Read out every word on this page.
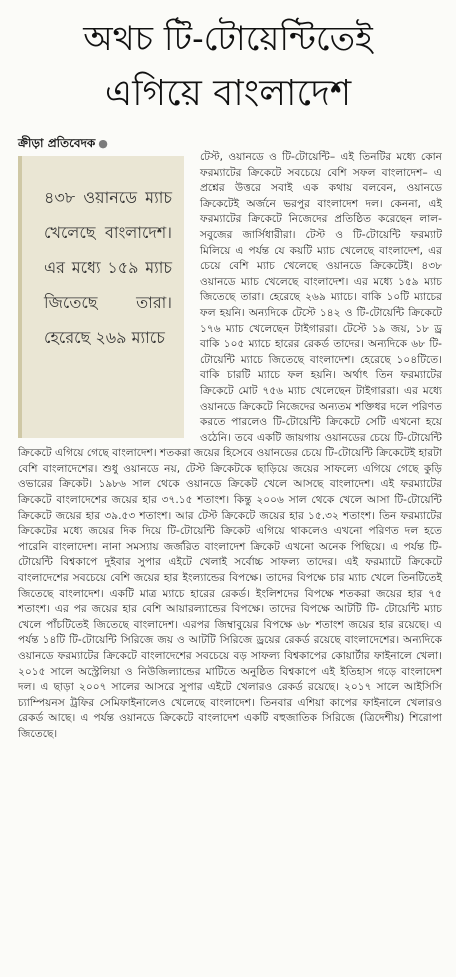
অথচ টি-টোয়েন্টিতেই
এগিয়ে বাংলাদেশ
ক্রীড়া প্রতিবেদক ●

৪৩৮ ওয়ানডে ম্যাচ খেলেছে বাংলাদেশ। এর মধ্যে ১৫৯ ম্যাচ জিতেছে তারা। হেরেছে ২৬৯ ম্যাচে
টেস্ট, ওয়ানডে ও টি-টোয়েন্টি– এই তিনটির মধ্যে কোন ফরম্যাটের ক্রিকেটে সবচেয়ে বেশি সফল বাংলাদেশ– এ প্রশ্নের উত্তরে সবাই এক কথায় বলবেন, ওয়ানডে ক্রিকেটেই অর্জনে ভরপুর বাংলাদেশ দল। কেননা, এই ফরম্যাটের ক্রিকেটে নিজেদের প্রতিষ্ঠিত করেছেন লাল-সবুজের জার্সিধারীরা। টেস্ট ও টি-টোয়েন্টি ফরম্যাট মিলিয়ে এ পর্যন্ত যে কয়টি ম্যাচ খেলেছে বাংলাদেশ, এর চেয়ে বেশি ম্যাচ খেলেছে ওয়ানডে ক্রিকেটেই। ৪৩৮ ওয়ানডে ম্যাচ খেলেছে বাংলাদেশ। এর মধ্যে ১৫৯ ম্যাচ জিতেছে তারা। হেরেছে ২৬৯ ম্যাচে। বাকি ১০টি ম্যাচের ফল হয়নি। অন্যদিকে টেস্টে ১৪২ ও টি-টোয়েন্টি ক্রিকেটে ১৭৬ ম্যাচ খেলেছেন টাইগাররা। টেস্টে ১৯ জয়, ১৮ ড্র বাকি ১০৫ ম্যাচে হারের রেকর্ড তাদের। অন্যদিকে ৬৮ টি-টোয়েন্টি ম্যাচে জিতেছে বাংলাদেশ। হেরেছে ১০৪টিতে। বাকি চারটি ম্যাচে ফল হয়নি। অর্থাৎ তিন ফরম্যাটের ক্রিকেটে মোট ৭৫৬ ম্যাচ খেলেছেন টাইগাররা। এর মধ্যে ওয়ানডে ক্রিকেটে নিজেদের অন্যতম শক্তিধর দলে পরিণত করতে পারলেও টি-টোয়েন্টি ক্রিকেটে সেটি এখনো হয়ে ওঠেনি। তবে একটি জায়গায় ওয়ানডের চেয়ে টি-টোয়েন্টি ক্রিকেটে এগিয়ে গেছে বাংলাদেশ। শতকরা জয়ের হিসেবে ওয়ানডের চেয়ে টি-টোয়েন্টি ক্রিকেটেই হারটা বেশি বাংলাদেশের। শুধু ওয়ানডে নয়, টেস্ট ক্রিকেটকে ছাড়িয়ে জয়ের সাফল্যে এগিয়ে গেছে কুড়ি ওভারের ক্রিকেট। ১৯৮৬ সাল থেকে ওয়ানডে ক্রিকেট খেলে আসছে বাংলাদেশ। এই ফরম্যাটের ক্রিকেটে বাংলাদেশের জয়ের হার ৩৭.১৫ শতাংশ। কিন্তু ২০০৬ সাল থেকে খেলে আসা টি-টোয়েন্টি ক্রিকেটে জয়ের হার ৩৯.৫৩ শতাংশ। আর টেস্ট ক্রিকেটে জয়ের হার ১৫.৩২ শতাংশ। তিন ফরম্যাটের ক্রিকেটের মধ্যে জয়ের দিক দিয়ে টি-টোয়েন্টি ক্রিকেট এগিয়ে থাকলেও এখনো পরিণত দল হতে পারেনি বাংলাদেশ। নানা সমস্যায় জর্জরিত বাংলাদেশ ক্রিকেট এখনো অনেক পিছিয়ে। এ পর্যন্ত টি-টোয়েন্টি বিশ্বকাপে দুইবার সুপার এইটে খেলাই সর্বোচ্চ সাফল্য তাদের। এই ফরম্যাটে ক্রিকেটে বাংলাদেশের সবচেয়ে বেশি জয়ের হার ইংল্যান্ডের বিপক্ষে। তাদের বিপক্ষে চার ম্যাচ খেলে তিনটিতেই জিতেছে বাংলাদেশ। একটি মাত্র ম্যাচে হারের রেকর্ড। ইংলিশদের বিপক্ষে শতকরা জয়ের হার ৭৫ শতাংশ। এর পর জয়ের হার বেশি আয়ারল্যান্ডের বিপক্ষে। তাদের বিপক্ষে আটটি টি- টোয়েন্টি ম্যাচ খেলে পাঁচটিতেই জিতেছে বাংলাদেশ। এরপর জিম্বাবুয়ের বিপক্ষে ৬৮ শতাংশ জয়ের হার রয়েছে। এ পর্যন্ত ১৪টি টি-টোয়েন্টি সিরিজে জয় ও আটটি সিরিজে ড্রয়ের রেকর্ড রয়েছে বাংলাদেশের। অন্যদিকে ওয়ানডে ফরম্যাটের ক্রিকেটে বাংলাদেশের সবচেয়ে বড় সাফল্য বিশ্বকাপের কোয়ার্টার ফাইনালে খেলা। ২০১৫ সালে অস্ট্রেলিয়া ও নিউজিল্যান্ডের মাটিতে অনুষ্ঠিত বিশ্বকাপে এই ইতিহাস গড়ে বাংলাদেশ দল। এ ছাড়া ২০০৭ সালের আসরে সুপার এইটে খেলারও রেকর্ড রয়েছে। ২০১৭ সালে আইসিসি চ্যাম্পিয়নস ট্রফির সেমিফাইনালেও খেলেছে বাংলাদেশ। তিনবার এশিয়া কাপের ফাইনালে খেলারও রেকর্ড আছে। এ পর্যন্ত ওয়ানডে ক্রিকেটে বাংলাদেশ একটি বহুজাতিক সিরিজে (ত্রিদেশীয়) শিরোপা জিতেছে।
